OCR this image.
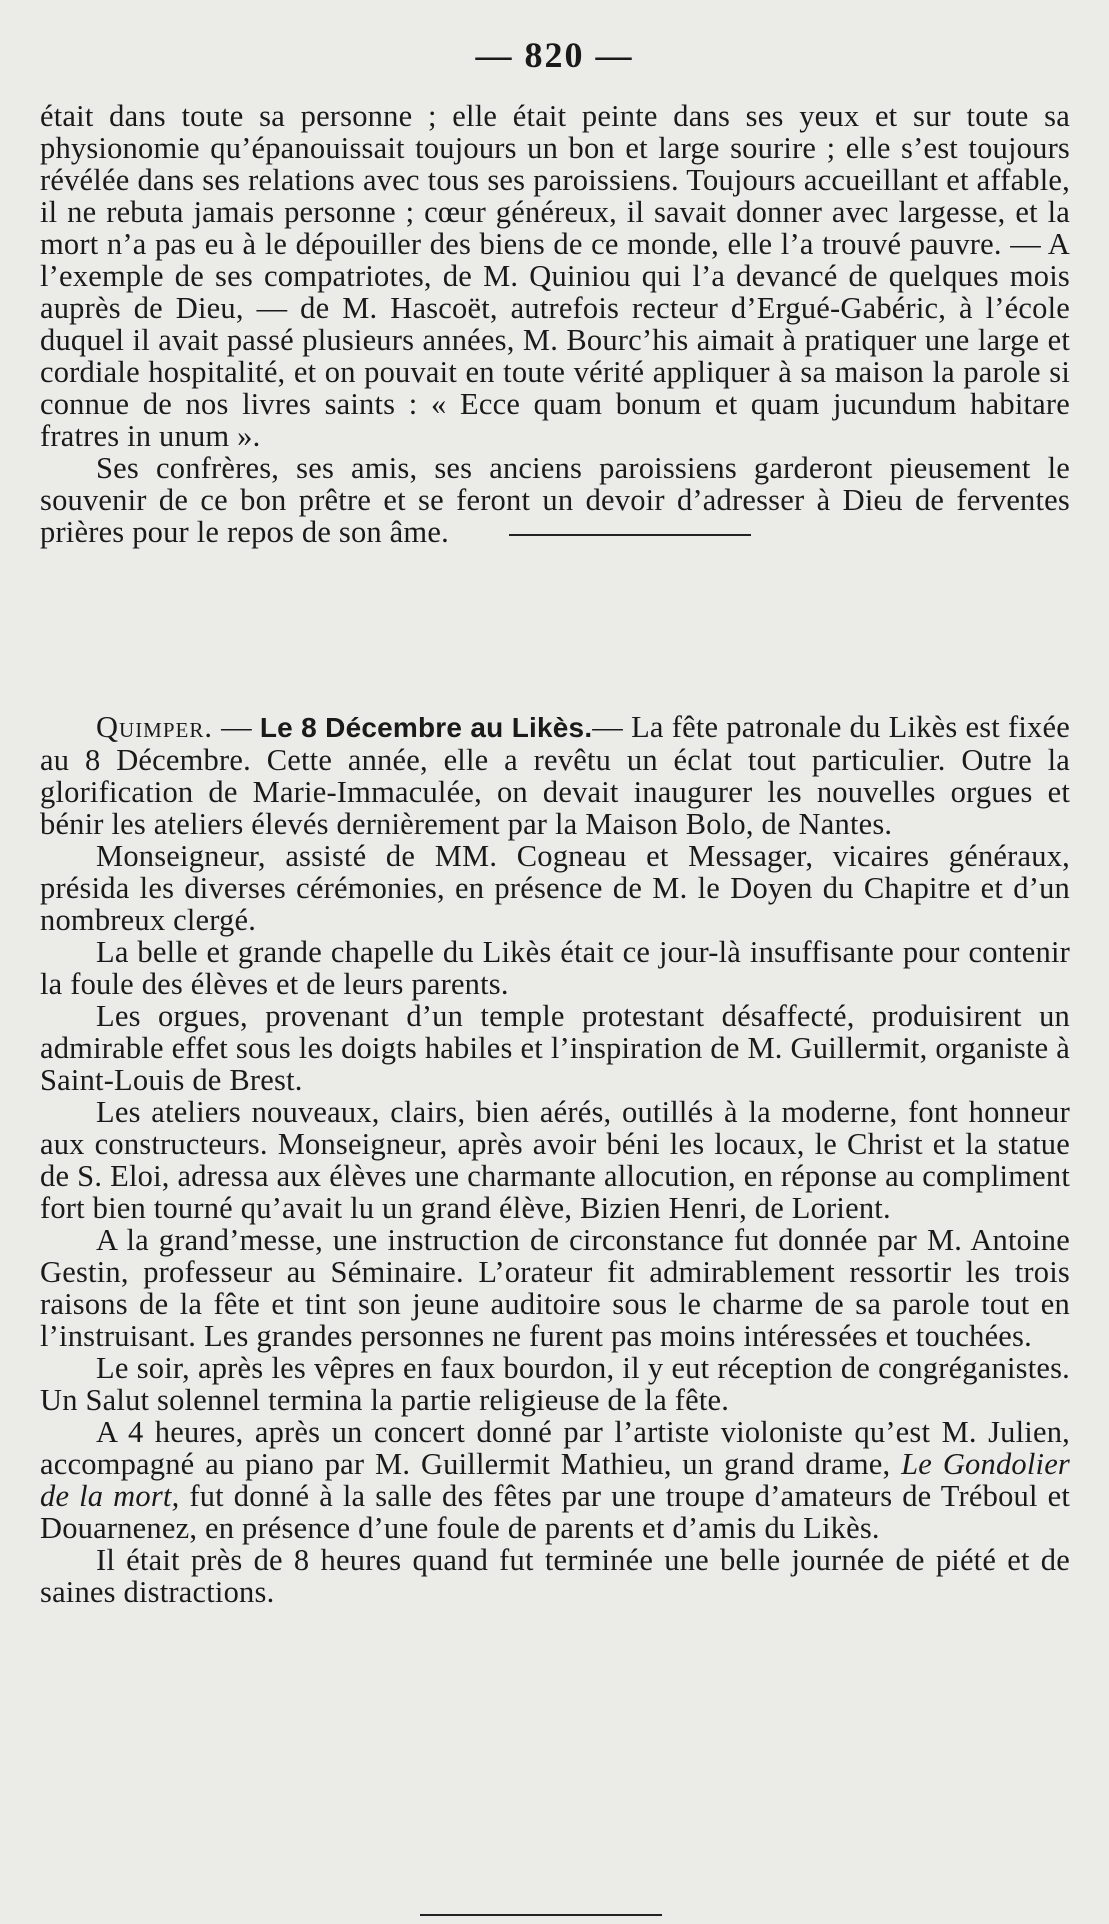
— 820 —

était dans toute sa personne ; elle était peinte dans ses yeux et sur toute sa physionomie qu’épanouissait toujours un bon et large sourire ; elle s’est toujours révélée dans ses relations avec tous ses paroissiens. Toujours accueillant et affable, il ne rebuta jamais personne ; cœur généreux, il savait donner avec largesse, et la mort n’a pas eu à le dépouiller des biens de ce monde, elle l’a trouvé pauvre. — A l’exemple de ses compatriotes, de M. Quiniou qui l’a devancé de quelques mois auprès de Dieu, — de M. Hascoët, autrefois recteur d’Ergué-Gabéric, à l’école duquel il avait passé plusieurs années, M. Bourc’his aimait à pratiquer une large et cordiale hospitalité, et on pouvait en toute vérité appliquer à sa maison la parole si connue de nos livres saints : « Ecce quam bonum et quam jucundum habitare fratres in unum ».

Ses confrères, ses amis, ses anciens paroissiens garderont pieusement le souvenir de ce bon prêtre et se feront un devoir d’adresser à Dieu de ferventes prières pour le repos de son âme.

Quimper. — Le 8 Décembre au Likès.— La fête patronale du Likès est fixée au 8 Décembre. Cette année, elle a revêtu un éclat tout particulier. Outre la glorification de Marie-Immaculée, on devait inaugurer les nouvelles orgues et bénir les ateliers élevés dernièrement par la Maison Bolo, de Nantes.

Monseigneur, assisté de MM. Cogneau et Messager, vicaires généraux, présida les diverses cérémonies, en présence de M. le Doyen du Chapitre et d’un nombreux clergé.

La belle et grande chapelle du Likès était ce jour-là insuffisante pour contenir la foule des élèves et de leurs parents.

Les orgues, provenant d’un temple protestant désaffecté, produisirent un admirable effet sous les doigts habiles et l’inspiration de M. Guillermit, organiste à Saint-Louis de Brest.

Les ateliers nouveaux, clairs, bien aérés, outillés à la moderne, font honneur aux constructeurs. Monseigneur, après avoir béni les locaux, le Christ et la statue de S. Eloi, adressa aux élèves une charmante allocution, en réponse au compliment fort bien tourné qu’avait lu un grand élève, Bizien Henri, de Lorient.

A la grand’messe, une instruction de circonstance fut donnée par M. Antoine Gestin, professeur au Séminaire. L’orateur fit admirablement ressortir les trois raisons de la fête et tint son jeune auditoire sous le charme de sa parole tout en l’instruisant. Les grandes personnes ne furent pas moins intéressées et touchées.

Le soir, après les vêpres en faux bourdon, il y eut réception de congréganistes. Un Salut solennel termina la partie religieuse de la fête.

A 4 heures, après un concert donné par l’artiste violoniste qu’est M. Julien, accompagné au piano par M. Guillermit Mathieu, un grand drame, Le Gondolier de la mort, fut donné à la salle des fêtes par une troupe d’amateurs de Tréboul et Douarnenez, en présence d’une foule de parents et d’amis du Likès.

Il était près de 8 heures quand fut terminée une belle journée de piété et de saines distractions.
